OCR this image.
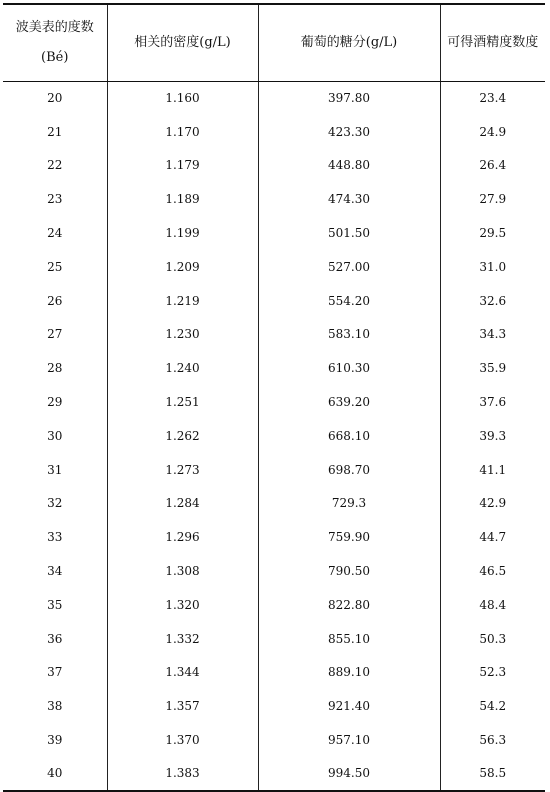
波美表的度数(Bé)	相关的密度(g/L)	葡萄的糖分(g/L)	可得酒精度数度
20	1.160	397.80	23.4
21	1.170	423.30	24.9
22	1.179	448.80	26.4
23	1.189	474.30	27.9
24	1.199	501.50	29.5
25	1.209	527.00	31.0
26	1.219	554.20	32.6
27	1.230	583.10	34.3
28	1.240	610.30	35.9
29	1.251	639.20	37.6
30	1.262	668.10	39.3
31	1.273	698.70	41.1
32	1.284	729.3	42.9
33	1.296	759.90	44.7
34	1.308	790.50	46.5
35	1.320	822.80	48.4
36	1.332	855.10	50.3
37	1.344	889.10	52.3
38	1.357	921.40	54.2
39	1.370	957.10	56.3
40	1.383	994.50	58.5
